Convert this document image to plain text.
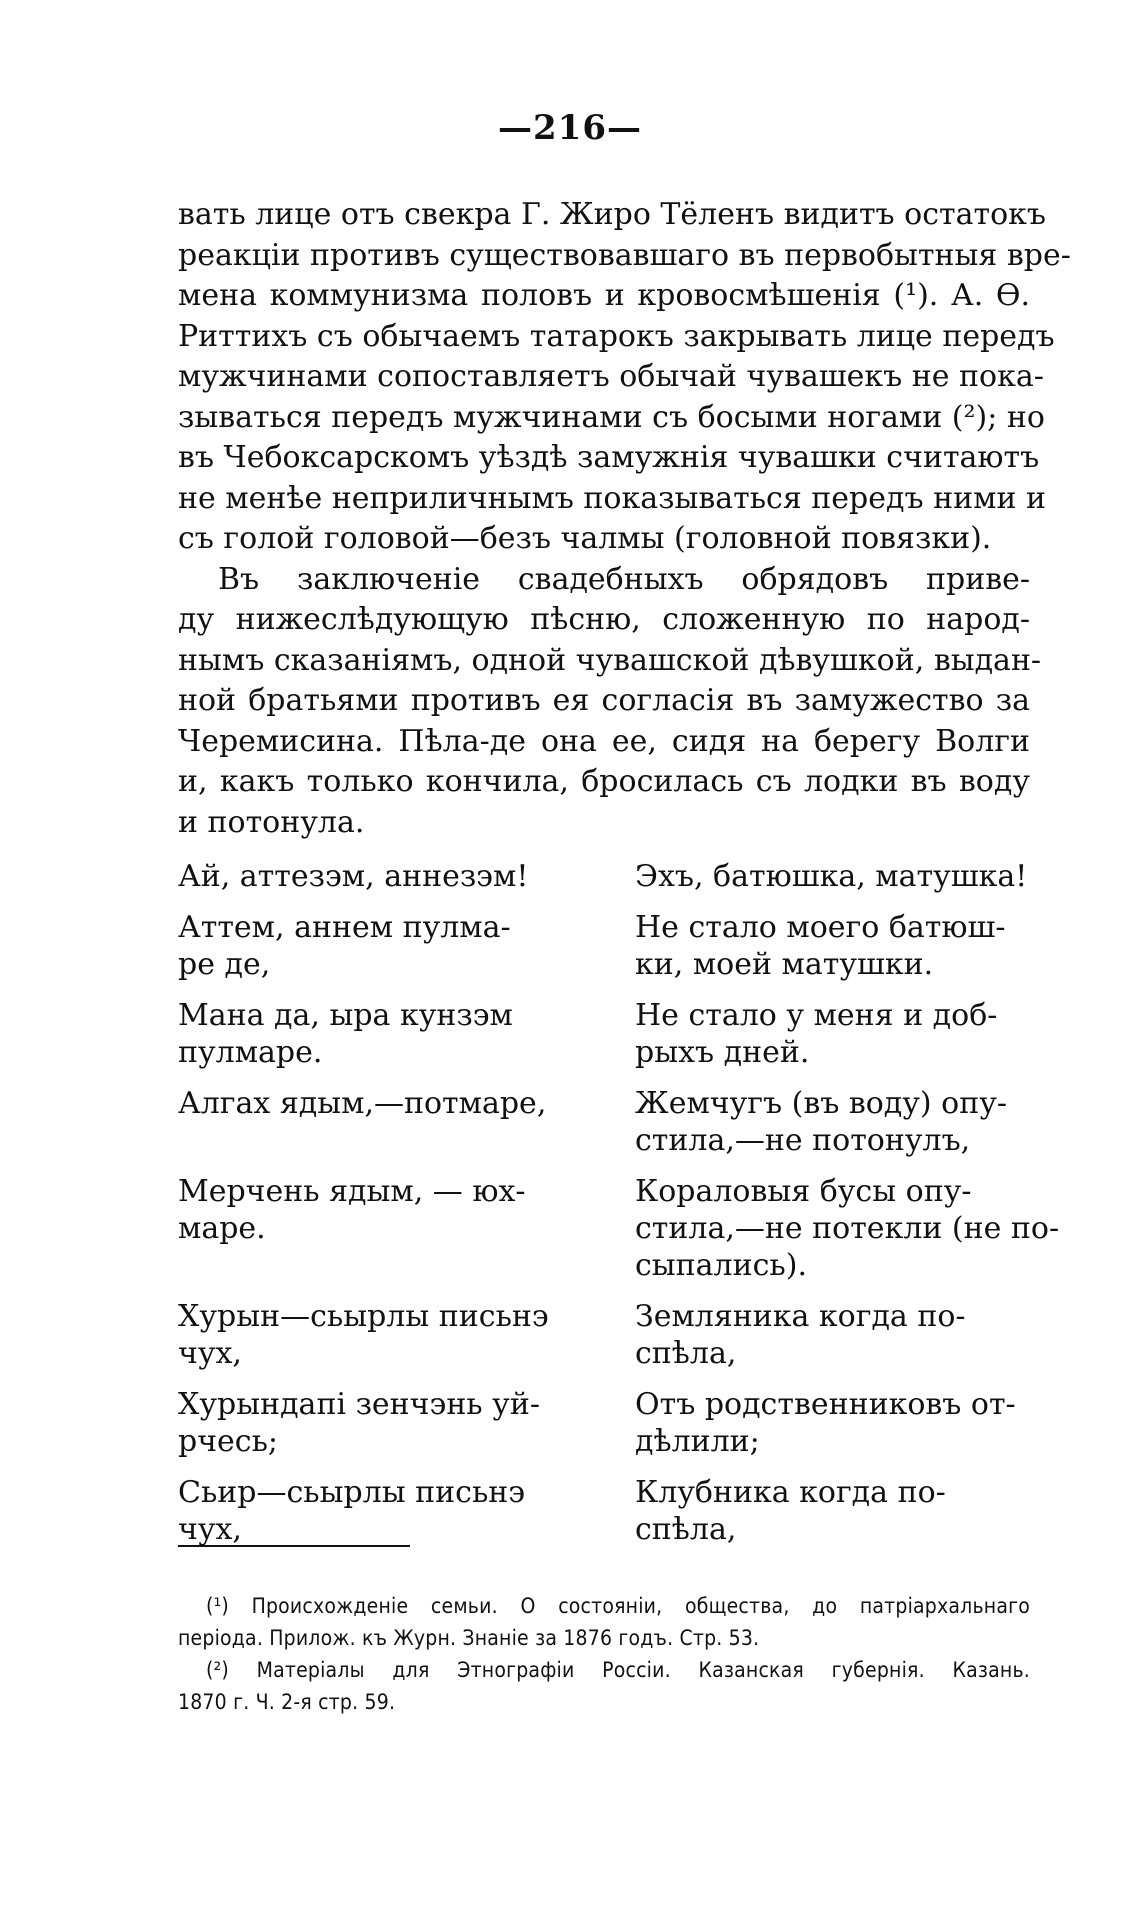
—216—
вать лице отъ свекра Г. Жиро Тёленъ видитъ остатокъ
реакціи противъ существовавшаго въ первобытныя вре-
мена коммунизма половъ и кровосмѣшенія (¹). А. Ѳ.
Риттихъ съ обычаемъ татарокъ закрывать лице передъ
мужчинами сопоставляетъ обычай чувашекъ не пока-
зываться передъ мужчинами съ босыми ногами (²); но
въ Чебоксарскомъ уѣздѣ замужнія чувашки считаютъ
не менѣе неприличнымъ показываться передъ ними и
съ голой головой—безъ чалмы (головной повязки).
Въ заключеніе свадебныхъ обрядовъ приве-
ду нижеслѣдующую пѣсню, сложенную по народ-
нымъ сказаніямъ, одной чувашской дѣвушкой, выдан-
ной братьями противъ ея согласія въ замужество за
Черемисина. Пѣла-де она ее, сидя на берегу Волги
и, какъ только кончила, бросилась съ лодки въ воду
и потонула.
Ай, аттезэм, аннезэм!	Эхъ, батюшка, матушка!
Аттем, аннем пулма-
ре де,
Не стало моего батюш-
ки, моей матушки.
Мана да, ыра кунзэм
пулмаре.
Не стало у меня и доб-
рыхъ дней.
Алгах ядым,—потмаре,	Жемчугъ (въ воду) опу-
стила,—не потонулъ,
Мерчень ядым, — юх-
маре.
Кораловыя бусы опу-
стила,—не потекли (не по-
сыпались).
Хурын—сьырлы письнэ
чух,
Земляника когда по-
спѣла,
Хурындапi зенчэнь уй-
рчесь;
Отъ родственниковъ от-
дѣлили;
Сьир—сьырлы письнэ
чух,
Клубника когда по-
спѣла,
(¹) Происхожденіе семьи. О состояніи, общества, до патріархальнаго
періода. Прилож. къ Журн. Знаніе за 1876 годъ. Стр. 53.
(²) Матеріалы для Этнографіи Россіи. Казанская губернія. Казань.
1870 г. Ч. 2-я стр. 59.
